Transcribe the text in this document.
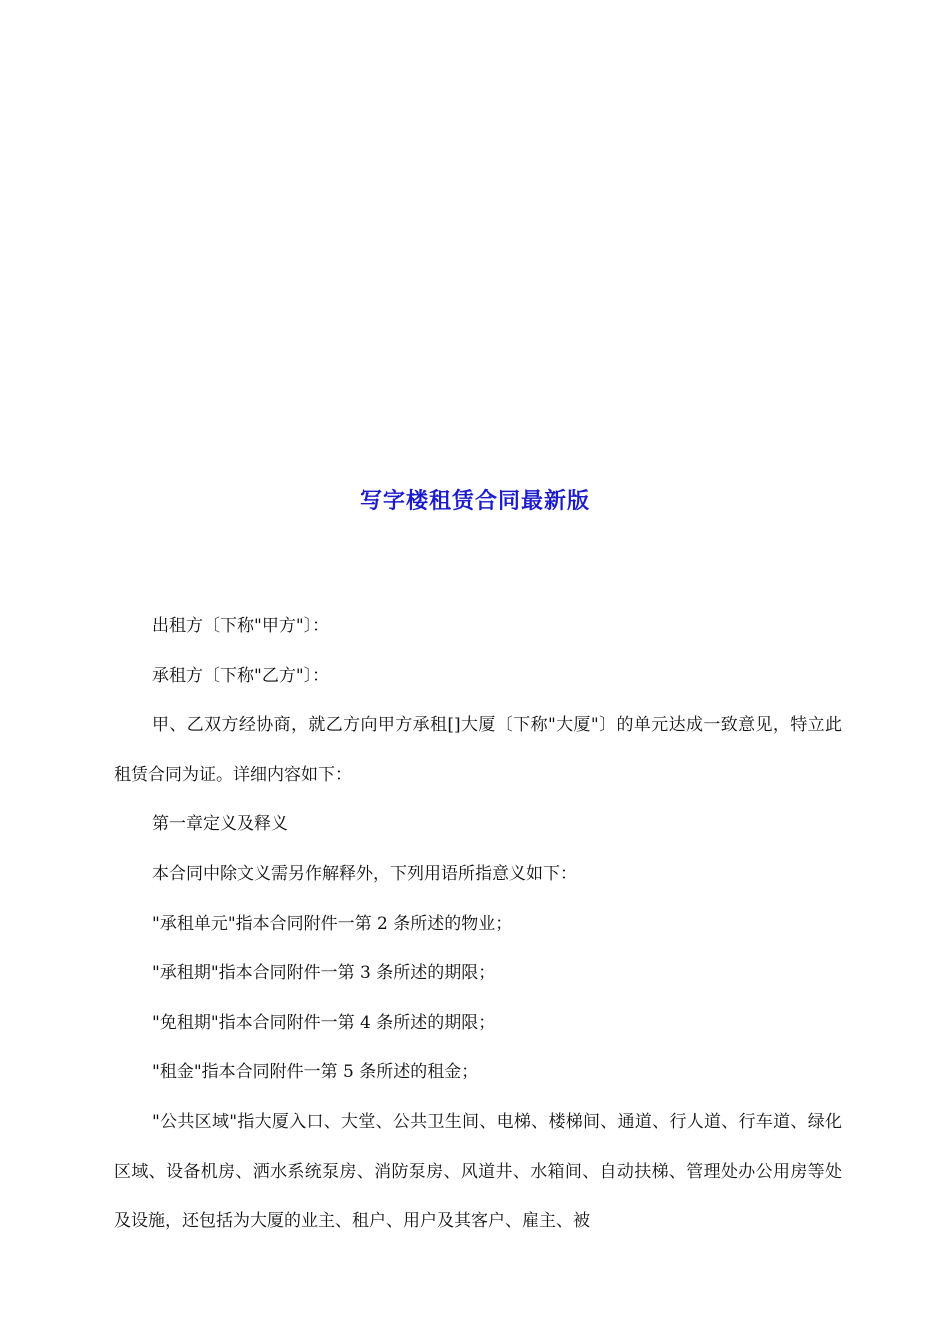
写字楼租赁合同最新版

出租方〔下称"甲方"〕：

承租方〔下称"乙方"〕：

甲、乙双方经协商，就乙方向甲方承租[]大厦〔下称"大厦"〕的单元达成一致意见，特立此租赁合同为证。详细内容如下：

第一章定义及释义

本合同中除文义需另作解释外，下列用语所指意义如下：

"承租单元"指本合同附件一第 2 条所述的物业；

"承租期"指本合同附件一第 3 条所述的期限；

"免租期"指本合同附件一第 4 条所述的期限；

"租金"指本合同附件一第 5 条所述的租金；

"公共区域"指大厦入口、大堂、公共卫生间、电梯、楼梯间、通道、行人道、行车道、绿化区域、设备机房、洒水系统泵房、消防泵房、风道井、水箱间、自动扶梯、管理处办公用房等处及设施，还包括为大厦的业主、租户、用户及其客户、雇主、被
